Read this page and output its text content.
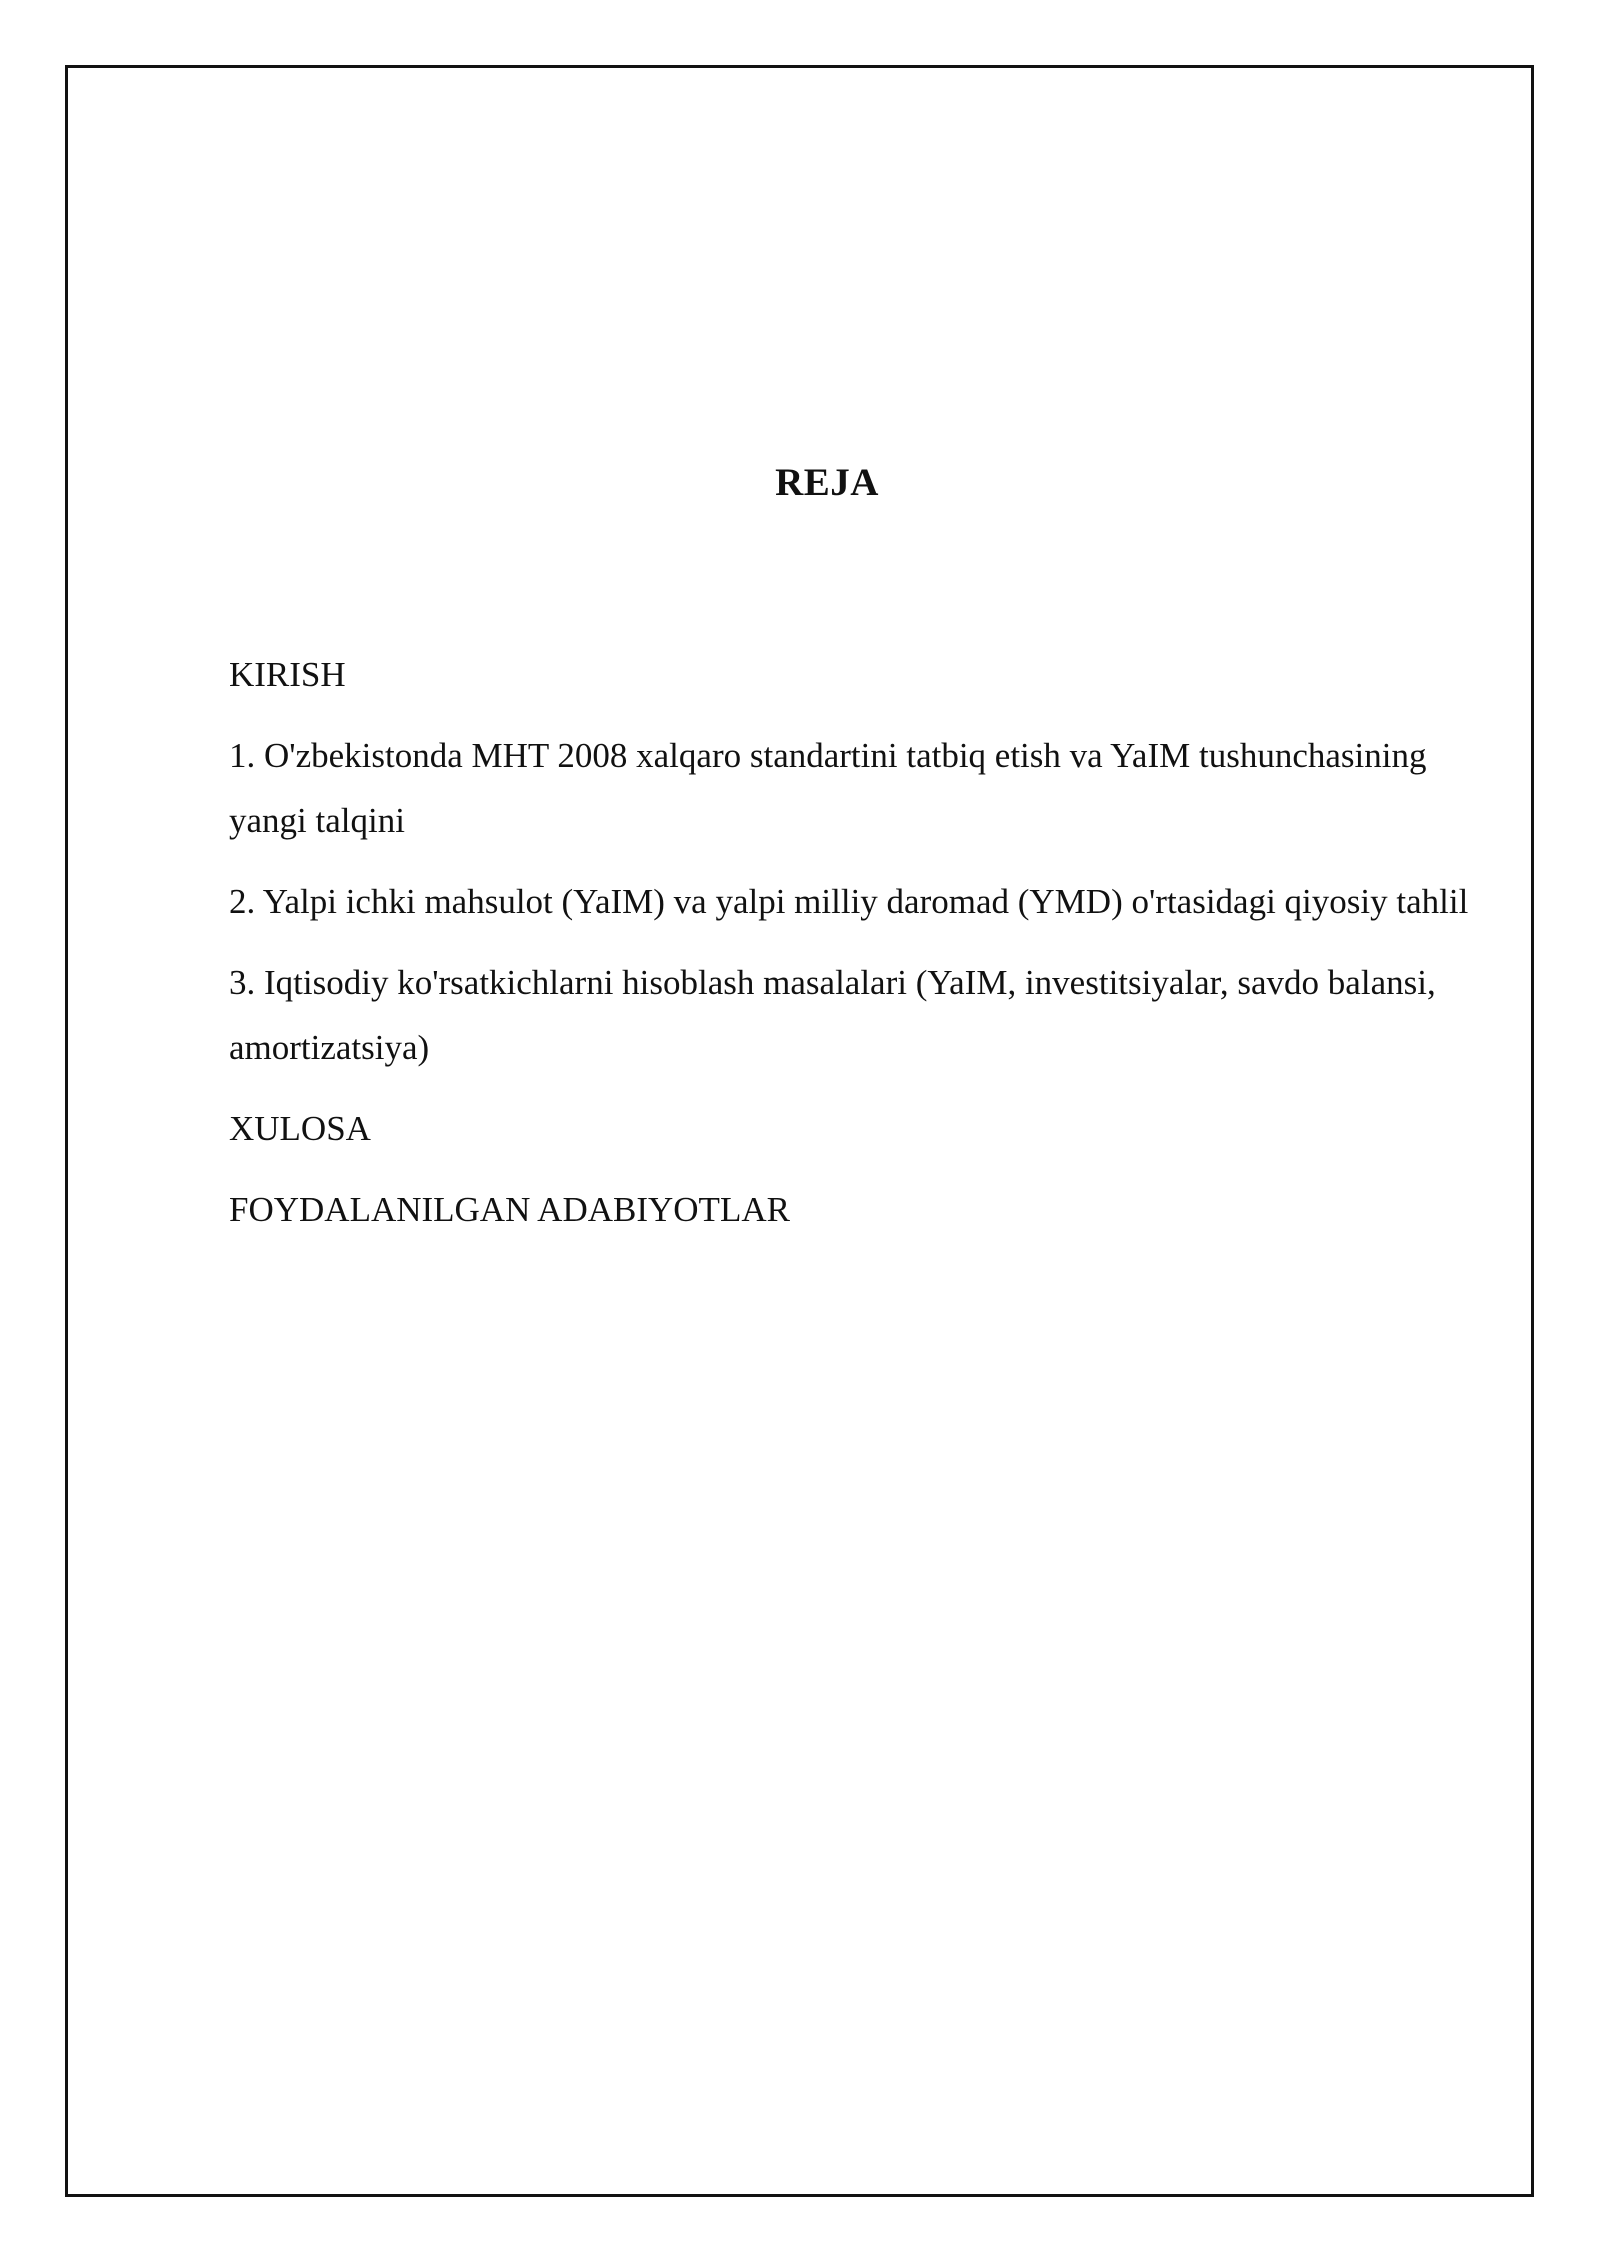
REJA
KIRISH
1. O'zbekistonda MHT 2008 xalqaro standartini tatbiq etish va YaIM tushunchasining yangi talqini
2. Yalpi ichki mahsulot (YaIM) va yalpi milliy daromad (YMD) o'rtasidagi qiyosiy tahlil
3. Iqtisodiy ko'rsatkichlarni hisoblash masalalari (YaIM, investitsiyalar, savdo balansi, amortizatsiya)
XULOSA
FOYDALANILGAN ADABIYOTLAR
